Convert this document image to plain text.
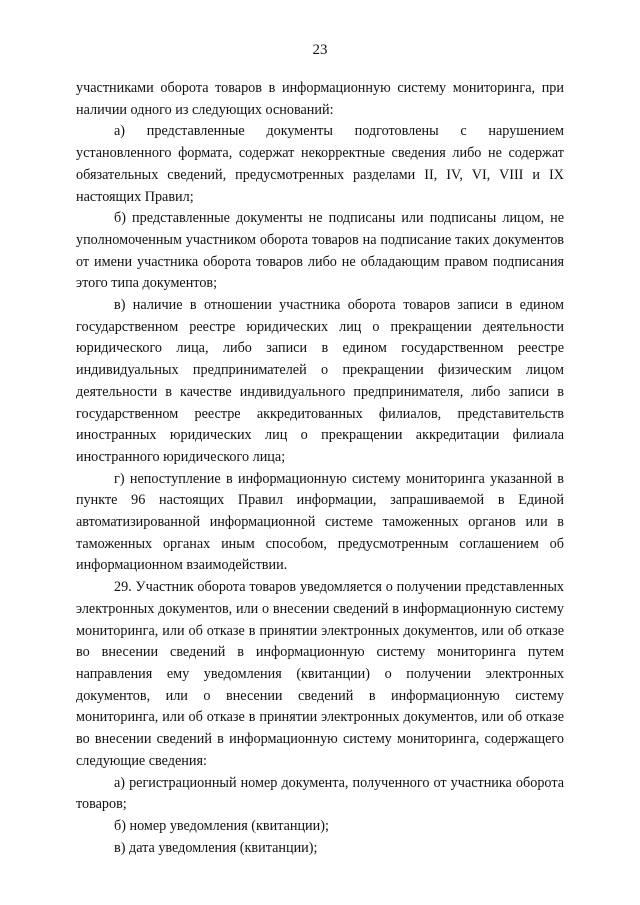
23

участниками оборота товаров в информационную систему мониторинга, при наличии одного из следующих оснований:

а) представленные документы подготовлены с нарушением установленного формата, содержат некорректные сведения либо не содержат обязательных сведений, предусмотренных разделами II, IV, VI, VIII и IX настоящих Правил;

б) представленные документы не подписаны или подписаны лицом, не уполномоченным участником оборота товаров на подписание таких документов от имени участника оборота товаров либо не обладающим правом подписания этого типа документов;

в) наличие в отношении участника оборота товаров записи в едином государственном реестре юридических лиц о прекращении деятельности юридического лица, либо записи в едином государственном реестре индивидуальных предпринимателей о прекращении физическим лицом деятельности в качестве индивидуального предпринимателя, либо записи в государственном реестре аккредитованных филиалов, представительств иностранных юридических лиц о прекращении аккредитации филиала иностранного юридического лица;

г) непоступление в информационную систему мониторинга указанной в пункте 96 настоящих Правил информации, запрашиваемой в Единой автоматизированной информационной системе таможенных органов или в таможенных органах иным способом, предусмотренным соглашением об информационном взаимодействии.

29. Участник оборота товаров уведомляется о получении представленных электронных документов, или о внесении сведений в информационную систему мониторинга, или об отказе в принятии электронных документов, или об отказе во внесении сведений в информационную систему мониторинга путем направления ему уведомления (квитанции) о получении электронных документов, или о внесении сведений в информационную систему мониторинга, или об отказе в принятии электронных документов, или об отказе во внесении сведений в информационную систему мониторинга, содержащего следующие сведения:

а) регистрационный номер документа, полученного от участника оборота товаров;

б) номер уведомления (квитанции);

в) дата уведомления (квитанции);
